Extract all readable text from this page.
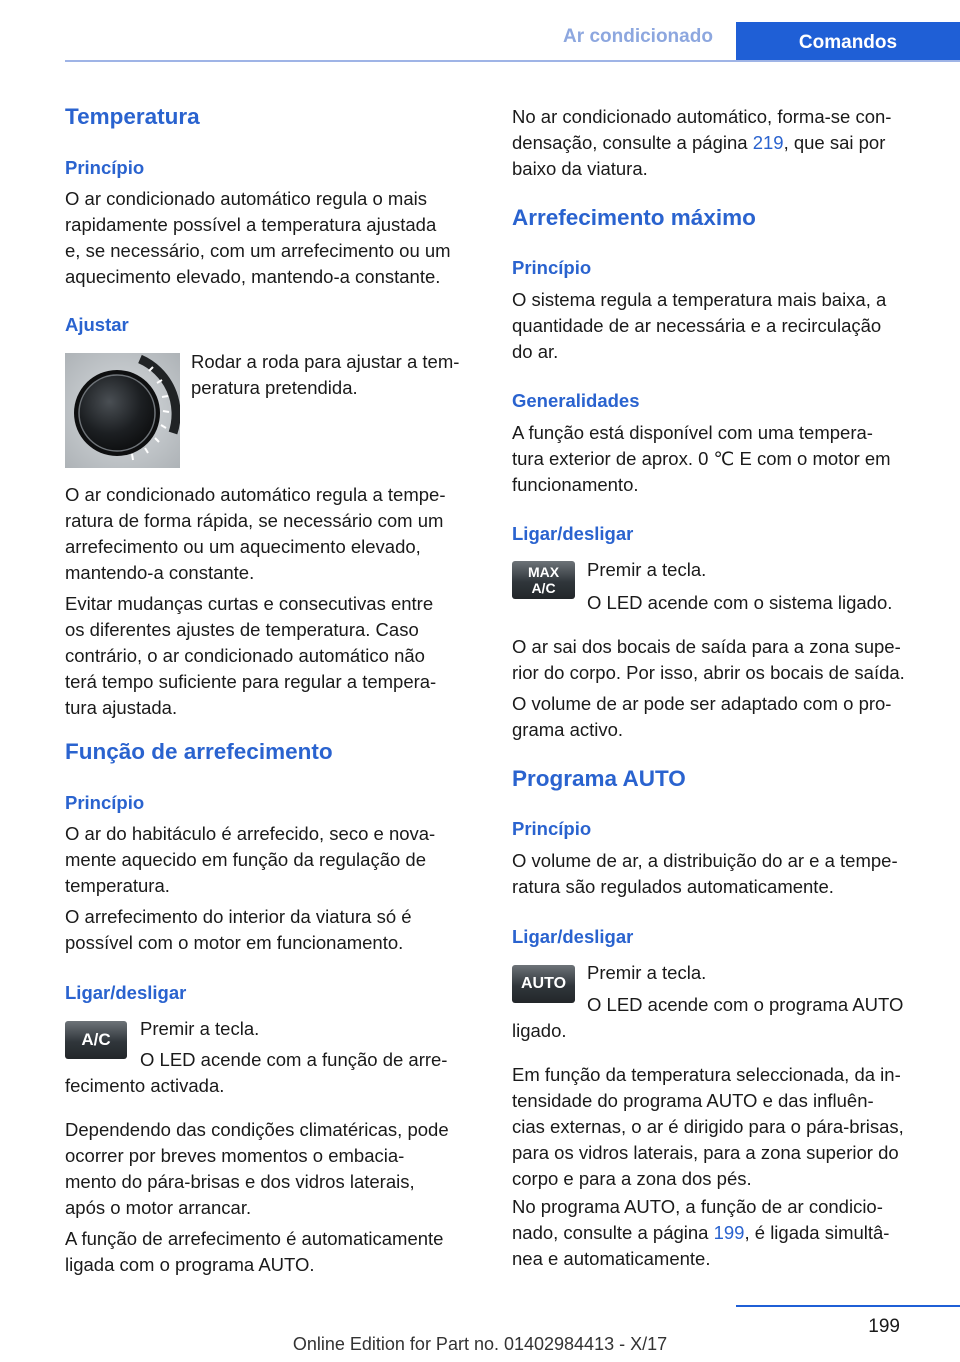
Ar condicionado	Comandos
Temperatura
Princípio
O ar condicionado automático regula o mais
rapidamente possível a temperatura ajustada
e, se necessário, com um arrefecimento ou um
aquecimento elevado, mantendo-a constante.
Ajustar
Rodar a roda para ajustar a tem-
peratura pretendida.
O ar condicionado automático regula a tempe-
ratura de forma rápida, se necessário com um
arrefecimento ou um aquecimento elevado,
mantendo-a constante.
Evitar mudanças curtas e consecutivas entre
os diferentes ajustes de temperatura. Caso
contrário, o ar condicionado automático não
terá tempo suficiente para regular a tempera-
tura ajustada.
Função de arrefecimento
Princípio
O ar do habitáculo é arrefecido, seco e nova-
mente aquecido em função da regulação de
temperatura.
O arrefecimento do interior da viatura só é
possível com o motor em funcionamento.
Ligar/desligar
A/C
Premir a tecla.
O LED acende com a função de arre-
fecimento activada.
Dependendo das condições climatéricas, pode
ocorrer por breves momentos o embacia-
mento do pára-brisas e dos vidros laterais,
após o motor arrancar.
A função de arrefecimento é automaticamente
ligada com o programa AUTO.
No ar condicionado automático, forma-se con-
densação, consulte a página 219, que sai por
baixo da viatura.
Arrefecimento máximo
Princípio
O sistema regula a temperatura mais baixa, a
quantidade de ar necessária e a recirculação
do ar.
Generalidades
A função está disponível com uma tempera-
tura exterior de aprox. 0 ℃ E com o motor em
funcionamento.
Ligar/desligar
MAX
A/C
Premir a tecla.
O LED acende com o sistema ligado.
O ar sai dos bocais de saída para a zona supe-
rior do corpo. Por isso, abrir os bocais de saída.
O volume de ar pode ser adaptado com o pro-
grama activo.
Programa AUTO
Princípio
O volume de ar, a distribuição do ar e a tempe-
ratura são regulados automaticamente.
Ligar/desligar
AUTO
Premir a tecla.
O LED acende com o programa AUTO
ligado.
Em função da temperatura seleccionada, da in-
tensidade do programa AUTO e das influên-
cias externas, o ar é dirigido para o pára-brisas,
para os vidros laterais, para a zona superior do
corpo e para a zona dos pés.
No programa AUTO, a função de ar condicio-
nado, consulte a página 199, é ligada simultâ-
nea e automaticamente.
199
Online Edition for Part no. 01402984413 - X/17
